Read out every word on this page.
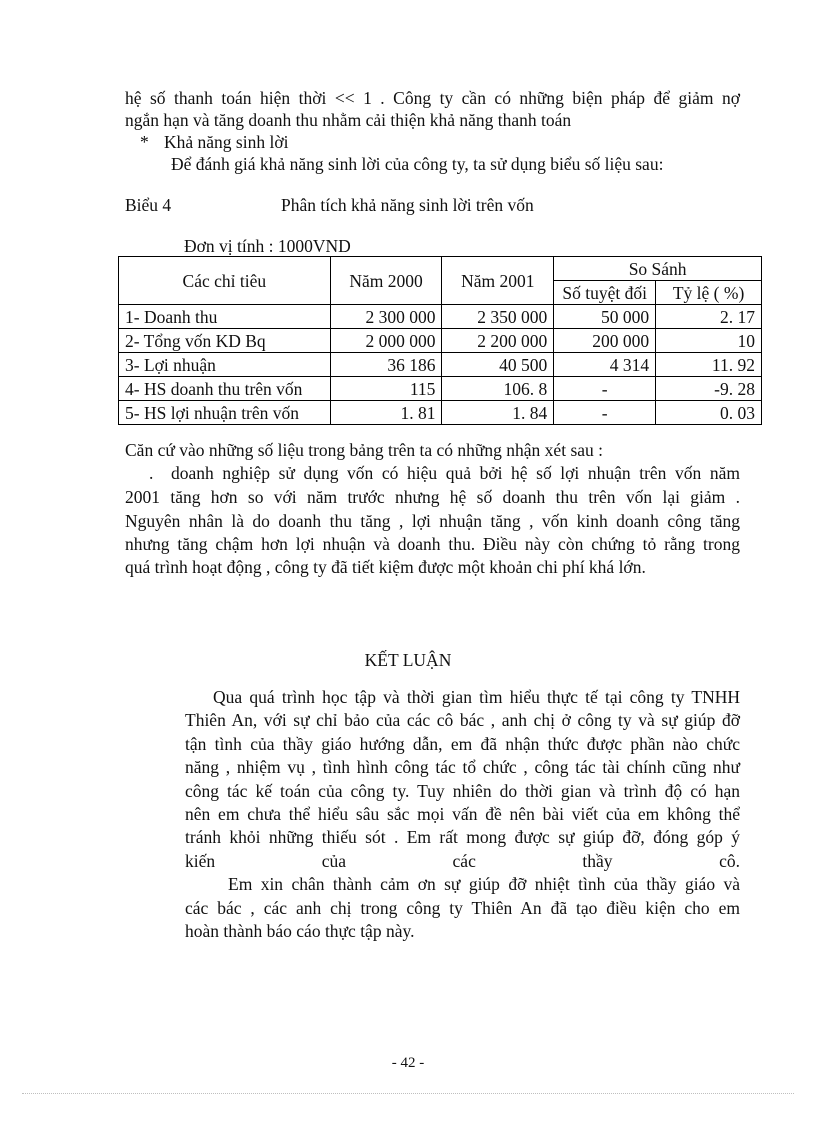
hệ số thanh toán hiện thời << 1 . Công ty cần có những biện pháp để giảm nợ
ngắn hạn và tăng doanh thu nhằm cải thiện khả năng thanh toán
* Khả năng sinh lời
Để đánh giá khả năng sinh lời của công ty, ta sử dụng biểu số liệu sau:
Biểu 4	Phân tích khả năng sinh lời trên vốn
Đơn vị tính : 1000VND
Các chỉ tiêu	Năm 2000	Năm 2001	So Sánh	
			Số tuyệt đối	Tỷ lệ ( %)
1- Doanh thu	2 300 000	2 350 000	50 000	2. 17
2- Tổng vốn KD Bq	2 000 000	2 200 000	200 000	10
3- Lợi nhuận	36 186	40 500	4 314	11. 92
4- HS doanh thu trên vốn	115	106. 8	-	-9. 28
5- HS lợi nhuận trên vốn	1. 81	1. 84	-	0. 03
Căn cứ vào những số liệu trong bảng trên ta có những nhận xét sau :
. doanh nghiệp sử dụng vốn có hiệu quả bởi hệ số lợi nhuận trên vốn năm
2001 tăng hơn so với năm trước nhưng hệ số doanh thu trên vốn lại giảm .
Nguyên nhân là do doanh thu tăng , lợi nhuận tăng , vốn kinh doanh công tăng
nhưng tăng chậm hơn lợi nhuận và doanh thu. Điều này còn chứng tỏ rằng trong
quá trình hoạt động , công ty đã tiết kiệm được một khoản chi phí khá lớn.
KẾT LUẬN
Qua quá trình học tập và thời gian tìm hiểu thực tế tại công ty TNHH
Thiên An, với sự chỉ bảo của các cô bác , anh chị ở công ty và sự giúp đỡ
tận tình của thầy giáo hướng dẫn, em đã nhận thức được phần nào chức
năng , nhiệm vụ , tình hình công tác tổ chức , công tác tài chính cũng như
công tác kế toán của công ty. Tuy nhiên do thời gian và trình độ có hạn
nên em chưa thể hiểu sâu sắc mọi vấn đề nên bài viết của em không thể
tránh khỏi những thiếu sót . Em rất mong được sự giúp đỡ, đóng góp ý
kiến của các thầy cô.
Em xin chân thành cảm ơn sự giúp đỡ nhiệt tình của thầy giáo và
các bác , các anh chị trong công ty Thiên An đã tạo điều kiện cho em
hoàn thành báo cáo thực tập này.
- 42 -
